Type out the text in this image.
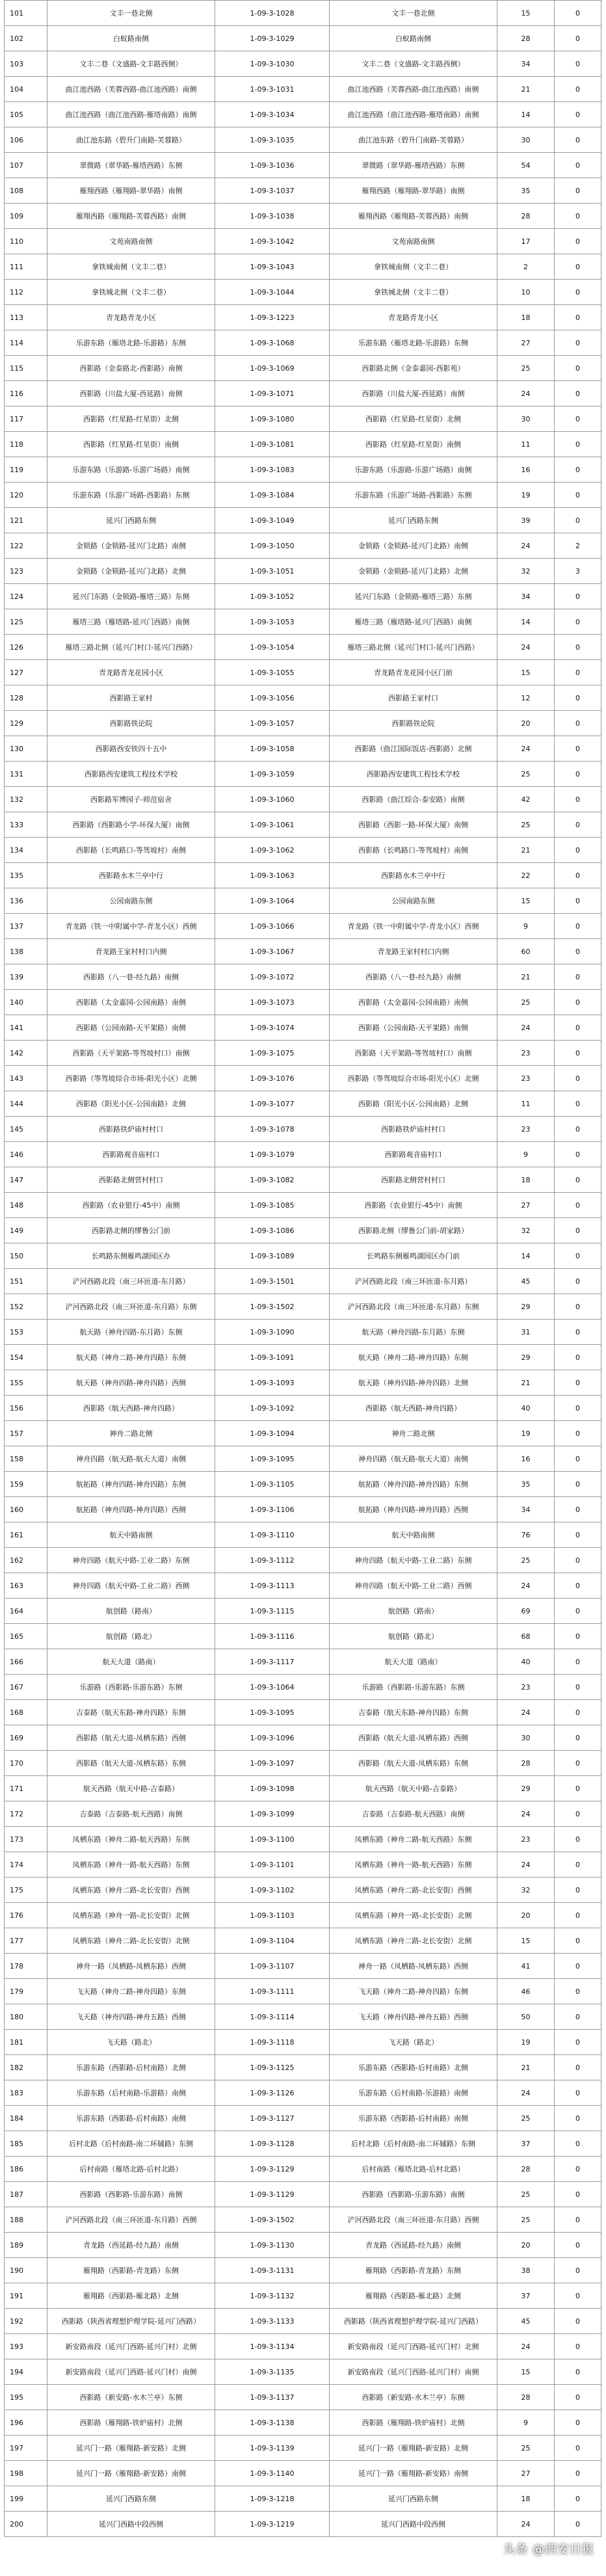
101	文丰一巷北侧	1-09-3-1028	文丰一巷北侧	15	0
102	白蚁路南侧	1-09-3-1029	白蚁路南侧	28	0
103	文丰二巷（文盛路-文丰路西侧）	1-09-3-1030	文丰二巷（文盛路-文丰路西侧）	34	0
104	曲江池西路（芙蓉西路-曲江池西路）南侧	1-09-3-1031	曲江池西路（芙蓉西路-曲江池西路）南侧	21	0
105	曲江池西路（曲江池西路-雁塔南路）南侧	1-09-3-1034	曲江池西路（曲江池西路-雁塔南路）南侧	14	0
106	曲江池东路（碧升门南路-芙蓉路）	1-09-3-1035	曲江池东路（碧升门南路-芙蓉路）	30	0
107	翠微路（翠华路-雁塔西路）东侧	1-09-3-1036	翠微路（翠华路-雁塔西路）东侧	54	0
108	雁翔西路（雁翔路-翠华路）南侧	1-09-3-1037	雁翔西路（雁翔路-翠华路）南侧	35	0
109	雁翔西路（雁翔路-芙蓉西路）南侧	1-09-3-1038	雁翔西路（雁翔路-芙蓉西路）南侧	28	0
110	文苑南路南侧	1-09-3-1042	文苑南路南侧	17	0
111	拿铁城南侧（文丰二巷）	1-09-3-1043	拿铁城南侧（文丰二巷）	2	0
112	拿铁城北侧（文丰二巷）	1-09-3-1044	拿铁城北侧（文丰二巷）	10	0
113	青龙路青龙小区	1-09-3-1223	青龙路青龙小区	18	0
114	乐游东路（雁塔北路-乐游路）东侧	1-09-3-1068	乐游东路（雁塔北路-乐游路）东侧	27	0
115	西影路（金泰路北-西影路）南侧	1-09-3-1069	西影路北侧（金泰嘉园-西影苑）	25	0
116	西影路（川盐大厦-西延路）南侧	1-09-3-1071	西影路（川盐大厦-西延路）南侧	24	0
117	西影路（红星路-红星街）北侧	1-09-3-1080	西影路（红星路-红星街）北侧	30	0
118	西影路（红星路-红星街）南侧	1-09-3-1081	西影路（红星路-红星街）南侧	11	0
119	乐游东路（乐游路-乐游广场路）南侧	1-09-3-1083	乐游东路（乐游路-乐游广场路）南侧	16	0
120	乐游东路（乐游广场路-西影路）东侧	1-09-3-1084	乐游东路（乐游广场路-西影路）东侧	19	0
121	延兴门西路东侧	1-09-3-1049	延兴门西路东侧	39	0
122	金锁路（金锁路-延兴门北路）南侧	1-09-3-1050	金锁路（金锁路-延兴门北路）南侧	24	2
123	金锁路（金锁路-延兴门北路）北侧	1-09-3-1051	金锁路（金锁路-延兴门北路）北侧	32	3
124	延兴门东路（金锁路-雁塔三路）东侧	1-09-3-1052	延兴门东路（金锁路-雁塔三路）东侧	34	0
125	雁塔三路（雁塔路-延兴门西路）南侧	1-09-3-1053	雁塔三路（雁塔路-延兴门西路）南侧	14	0
126	雁塔三路北侧（延兴门村口-延兴门西路）	1-09-3-1054	雁塔三路北侧（延兴门村口-延兴门西路）	24	0
127	青龙路青龙花园小区	1-09-3-1055	青龙路青龙花园小区门前	15	0
128	西影路王家村	1-09-3-1056	西影路王家村口	12	0
129	西影路铁论院	1-09-3-1057	西影路铁论院	20	0
130	西影路西安铁四十五中	1-09-3-1058	西影路（曲江国际饭店-西影路）北侧	24	0
131	西影路西安建筑工程技术学校	1-09-3-1059	西影路西安建筑工程技术学校	25	0
132	西影路军博园子-师范宿舍	1-09-3-1060	西影路（曲江综合-泰安路）南侧	42	0
133	西影路（西影路小学-环保大厦）南侧	1-09-3-1061	西影路（西影一路-环保大厦）南侧	25	0
134	西影路（长鸣路口-等驾坡村）南侧	1-09-3-1062	西影路（长鸣路口-等驾坡村）南侧	21	0
135	西影路水木兰亭中行	1-09-3-1063	西影路水木兰亭中行	22	0
136	公园南路东侧	1-09-3-1064	公园南路东侧	15	0
137	青龙路（铁一中附属中学-青龙小区）西侧	1-09-3-1066	青龙路（铁一中附属中学-青龙小区）西侧	9	0
138	青龙路王家村村口内侧	1-09-3-1067	青龙路王家村村口内侧	60	0
139	西影路（八一巷-经九路）南侧	1-09-3-1072	西影路（八一巷-经九路）南侧	21	0
140	西影路（太金嘉园-公园南路）南侧	1-09-3-1073	西影路（太金嘉园-公园南路）南侧	25	0
141	西影路（公园南路-天平架路）南侧	1-09-3-1074	西影路（公园南路-天平架路）南侧	24	0
142	西影路（天平架路-等驾坡村口）南侧	1-09-3-1075	西影路（天平架路-等驾坡村口）南侧	23	0
143	西影路（等驾坡综合市场-阳光小区）北侧	1-09-3-1076	西影路（等驾坡综合市场-阳光小区）北侧	23	0
144	西影路（阳光小区-公园南路）北侧	1-09-3-1077	西影路（阳光小区-公园南路）北侧	11	0
145	西影路铁炉庙村村口	1-09-3-1078	西影路铁炉庙村村口	23	0
146	西影路观音庙村口	1-09-3-1079	西影路观音庙村口	9	0
147	西影路北侧营村村口	1-09-3-1082	西影路北侧营村村口	18	0
148	西影路（农业银行-45中）南侧	1-09-3-1085	西影路（农业银行-45中）南侧	27	0
149	西影路北侧的缪鲁公门前	1-09-3-1086	西影路北侧（缪鲁公门前-胡家路）	32	0
150	长鸣路东侧雁鸣湖园区办	1-09-3-1089	长鸣路东侧雁鸣湖园区办门前	14	0
151	浐河西路北段（南三环匝道-东月路）	1-09-3-1501	浐河西路北段（南三环匝道-东月路）	45	0
152	浐河西路北段（南三环匝道-东月路）东侧	1-09-3-1502	浐河西路北段（南三环匝道-东月路）东侧	29	0
153	航天路（神舟四路-东月路）东侧	1-09-3-1090	航天路（神舟四路-东月路）东侧	31	0
154	航天路（神舟二路-神舟四路）东侧	1-09-3-1091	航天路（神舟二路-神舟四路）东侧	29	0
155	航天路（神舟四路-神舟四路）西侧	1-09-3-1093	航天路（神舟四路-神舟四路）北侧	21	0
156	西影路（航天西路-神舟四路）	1-09-3-1092	西影路（航天西路-神舟四路）	40	0
157	神舟二路北侧	1-09-3-1094	神舟二路北侧	19	0
158	神舟四路（航天路-航天大道）南侧	1-09-3-1095	神舟四路（航天路-航天大道）南侧	16	0
159	航拓路（神舟四路-神舟四路）东侧	1-09-3-1105	航拓路（神舟四路-神舟四路）东侧	35	0
160	航拓路（神舟四路-神舟四路）西侧	1-09-3-1106	航拓路（神舟四路-神舟四路）西侧	34	0
161	航天中路南侧	1-09-3-1110	航天中路南侧	76	0
162	神舟四路（航天中路-工业二路）东侧	1-09-3-1112	神舟四路（航天中路-工业二路）东侧	25	0
163	神舟四路（航天中路-工业二路）西侧	1-09-3-1113	神舟四路（航天中路-工业二路）西侧	24	0
164	航创路（路南）	1-09-3-1115	航创路（路南）	69	0
165	航创路（路北）	1-09-3-1116	航创路（路北）	68	0
166	航天大道（路南）	1-09-3-1117	航天大道（路南）	40	0
167	乐游路（西影路-乐游东路）东侧	1-09-3-1064	乐游路（西影路-乐游东路）东侧	23	0
168	吉泰路（航天东路-神舟四路）东侧	1-09-3-1095	吉泰路（航天东路-神舟四路）东侧	24	0
169	西影路（航天大道-凤栖东路）西侧	1-09-3-1096	西影路（航天大道-凤栖东路）西侧	30	0
170	西影路（航天大道-凤栖东路）东侧	1-09-3-1097	西影路（航天大道-凤栖东路）东侧	28	0
171	航天西路（航天中路-吉泰路）	1-09-3-1098	航天西路（航天中路-吉泰路）	29	0
172	吉泰路（吉泰路-航天西路）南侧	1-09-3-1099	吉泰路（吉泰路-航天西路）南侧	24	0
173	凤栖东路（神舟二路-航天西路）东侧	1-09-3-1100	凤栖东路（神舟二路-航天西路）东侧	23	0
174	凤栖东路（神舟一路-航天西路）东侧	1-09-3-1101	凤栖东路（神舟一路-航天西路）东侧	24	0
175	凤栖东路（神舟二路-北长安街）西侧	1-09-3-1102	凤栖东路（神舟二路-北长安街）西侧	32	0
176	凤栖东路（神舟一路-北长安街）北侧	1-09-3-1103	凤栖东路（神舟一路-北长安街）北侧	20	0
177	凤栖东路（神舟二路-北长安街）北侧	1-09-3-1104	凤栖东路（神舟二路-北长安街）北侧	15	0
178	神舟一路（凤栖路-凤栖东路）西侧	1-09-3-1107	神舟一路（凤栖路-凤栖东路）西侧	41	0
179	飞天路（神舟二路-神舟四路）东侧	1-09-3-1111	飞天路（神舟二路-神舟四路）东侧	46	0
180	飞天路（神舟四路-神舟五路）西侧	1-09-3-1114	飞天路（神舟四路-神舟五路）西侧	50	0
181	飞天路（路北）	1-09-3-1118	飞天路（路北）	19	0
182	乐游东路（西影路-后村南路）北侧	1-09-3-1125	乐游东路（西影路-后村南路）北侧	21	0
183	乐游东路（后村南路-乐游路）南侧	1-09-3-1126	乐游东路（后村南路-乐游路）南侧	24	0
184	乐游东路（西影路-后村南路）南侧	1-09-3-1127	乐游东路（西影路-后村南路）南侧	25	0
185	后村北路（后村南路-南二环辅路）东侧	1-09-3-1128	后村北路（后村南路-南二环辅路）东侧	37	0
186	后村南路（雁塔北路-后村北路）	1-09-3-1129	后村南路（雁塔北路-后村北路）	28	0
187	西影路（西影路-乐游东路）南侧	1-09-3-1129	西影路（西影路-乐游东路）南侧	25	0
188	浐河西路北段（南三环匝道-东月路）西侧	1-09-3-1502	浐河西路北段（南三环匝道-东月路）西侧	25	0
189	青龙路（西延路-经九路）南侧	1-09-3-1130	青龙路（西延路-经九路）南侧	20	0
190	雁翔路（西影路-青龙路）东侧	1-09-3-1131	雁翔路（西影路-青龙路）东侧	38	0
191	雁翔路（西影路-雁北路）北侧	1-09-3-1132	雁翔路（西影路-雁北路）北侧	37	0
192	西影路（陕西省理想护理学院-延兴门西路）	1-09-3-1133	西影路（陕西省理想护理学院-延兴门西路）	45	0
193	新安路南段（延兴门西路-延兴门村）北侧	1-09-3-1134	新安路南段（延兴门西路-延兴门村）北侧	24	0
194	新安路南段（延兴门西路-延兴门村）南侧	1-09-3-1135	新安路南段（延兴门西路-延兴门村）南侧	15	0
195	西影路（新安路-水木兰亭）东侧	1-09-3-1137	西影路（新安路-水木兰亭）东侧	28	0
196	西影路（雁翔路-铁炉庙村）北侧	1-09-3-1138	西影路（雁翔路-铁炉庙村）北侧	9	0
197	延兴门一路（雁翔路-新安路）北侧	1-09-3-1139	延兴门一路（雁翔路-新安路）北侧	25	0
198	延兴门一路（雁翔路-新安路）南侧	1-09-3-1140	延兴门一路（雁翔路-新安路）南侧	27	0
199	延兴门西路东侧	1-09-3-1218	延兴门西路东侧	18	0
200	延兴门西路中段西侧	1-09-3-1219	延兴门西路中段西侧	24	0
头条 @西安日报
